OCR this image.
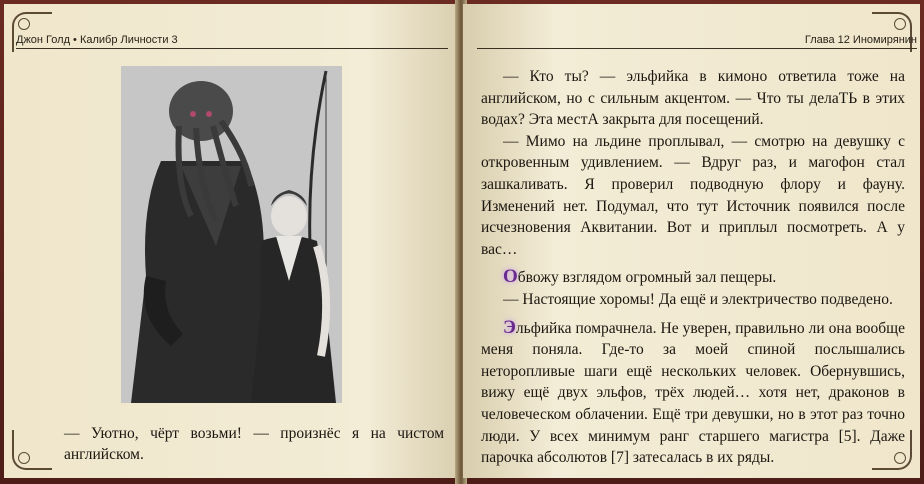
Джон Голд • Калибр Личности 3
— Уютно, чёрт возьми! — произнёс я на чистом английском.
Глава 12 Иномирянин

— Кто ты? — эльфийка в кимоно ответила тоже на английском, но с сильным акцентом. — Что ты делаТЬ в этих водах? Эта местА закрыта для посещений.

— Мимо на льдине проплывал, — смотрю на девушку с откровенным удивлением. — Вдруг раз, и магофон стал зашкаливать. Я проверил подводную флору и фауну. Изменений нет. Подумал, что тут Источник появился после исчезновения Аквитании. Вот и приплыл посмотреть. А у вас…

Обвожу взглядом огромный зал пещеры.

— Настоящие хоромы! Да ещё и электричество подведено.

Эльфийка помрачнела. Не уверен, правильно ли она вообще меня поняла. Где-то за моей спиной послышались неторопливые шаги ещё нескольких человек. Обернувшись, вижу ещё двух эльфов, трёх людей… хотя нет, драконов в человеческом облачении. Ещё три девушки, но в этот раз точно люди. У всех минимум ранг старшего магистра [5]. Даже парочка абсолютов [7] затесалась в их ряды.
